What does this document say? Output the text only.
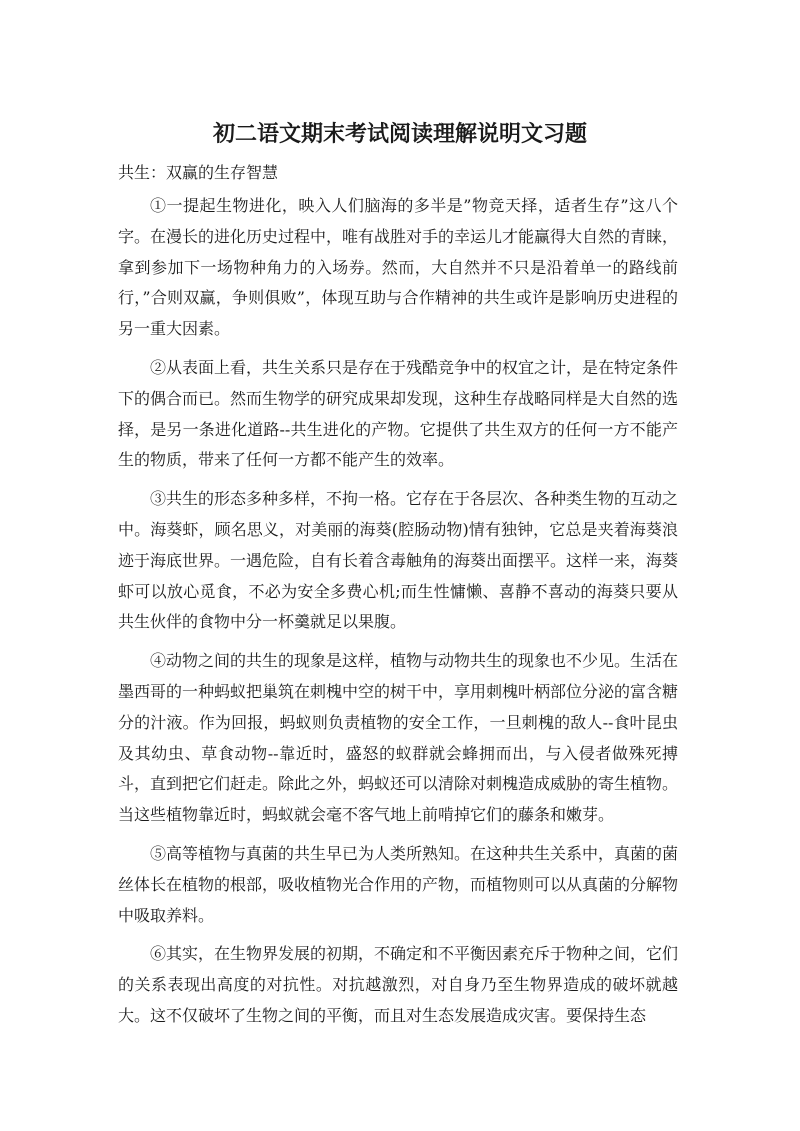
初二语文期末考试阅读理解说明文习题

共生：双赢的生存智慧

①一提起生物进化，映入人们脑海的多半是”物竞天择，适者生存”这八个字。在漫长的进化历史过程中，唯有战胜对手的幸运儿才能赢得大自然的青睐，拿到参加下一场物种角力的入场券。然而，大自然并不只是沿着单一的路线前行，”合则双赢，争则俱败”，体现互助与合作精神的共生或许是影响历史进程的另一重大因素。

②从表面上看，共生关系只是存在于残酷竞争中的权宜之计，是在特定条件下的偶合而已。然而生物学的研究成果却发现，这种生存战略同样是大自然的选择，是另一条进化道路--共生进化的产物。它提供了共生双方的任何一方不能产生的物质，带来了任何一方都不能产生的效率。

③共生的形态多种多样，不拘一格。它存在于各层次、各种类生物的互动之中。海葵虾，顾名思义，对美丽的海葵(腔肠动物)情有独钟，它总是夹着海葵浪迹于海底世界。一遇危险，自有长着含毒触角的海葵出面摆平。这样一来，海葵虾可以放心觅食，不必为安全多费心机;而生性慵懒、喜静不喜动的海葵只要从共生伙伴的食物中分一杯羹就足以果腹。

④动物之间的共生的现象是这样，植物与动物共生的现象也不少见。生活在墨西哥的一种蚂蚁把巢筑在刺槐中空的树干中，享用刺槐叶柄部位分泌的富含糖分的汁液。作为回报，蚂蚁则负责植物的安全工作，一旦刺槐的敌人--食叶昆虫及其幼虫、草食动物--靠近时，盛怒的蚁群就会蜂拥而出，与入侵者做殊死搏斗，直到把它们赶走。除此之外，蚂蚁还可以清除对刺槐造成威胁的寄生植物。当这些植物靠近时，蚂蚁就会毫不客气地上前啃掉它们的藤条和嫩芽。

⑤高等植物与真菌的共生早已为人类所熟知。在这种共生关系中，真菌的菌丝体长在植物的根部，吸收植物光合作用的产物，而植物则可以从真菌的分解物中吸取养料。

⑥其实，在生物界发展的初期，不确定和不平衡因素充斥于物种之间，它们的关系表现出高度的对抗性。对抗越激烈，对自身乃至生物界造成的破坏就越大。这不仅破坏了生物之间的平衡，而且对生态发展造成灾害。要保持生态
